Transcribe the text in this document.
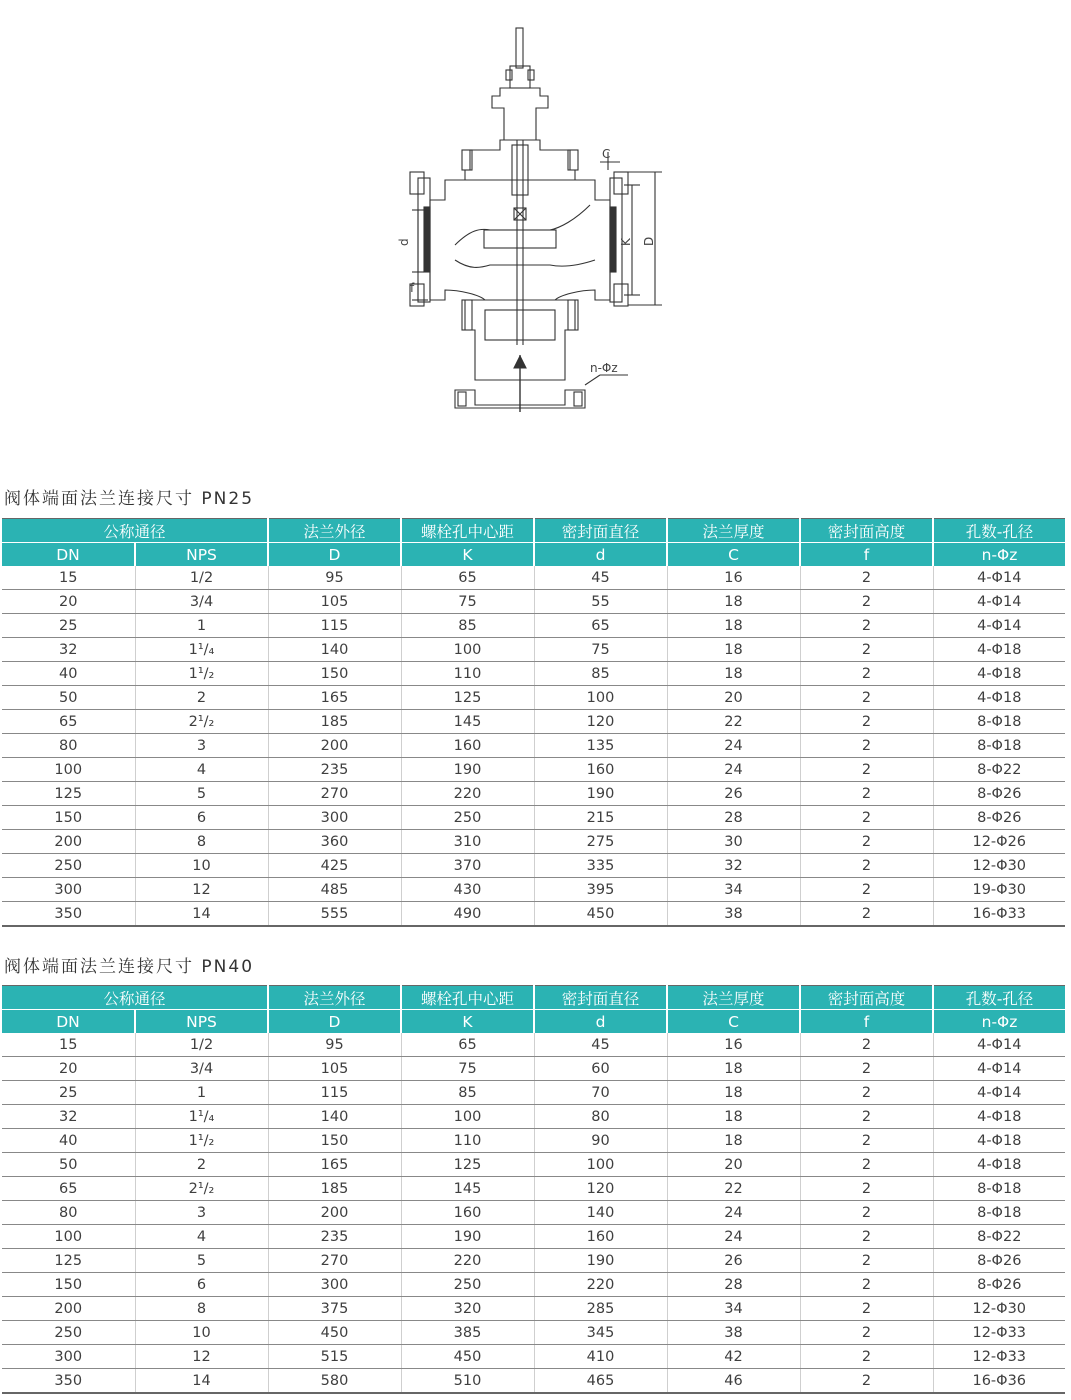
C
d	K D
f
n-Φz
阀体端面法兰连接尺寸 PN25
公称通径		法兰外径	螺栓孔中心距	密封面直径	法兰厚度	密封面高度	孔数-孔径
DN	NPS	D	K	d	C	f	n-Φz
15	1/2	95	65	45	16	2	4-Φ14
20	3/4	105	75	55	18	2	4-Φ14
25	1	115	85	65	18	2	4-Φ14
32	1¹/₄	140	100	75	18	2	4-Φ18
40	1¹/₂	150	110	85	18	2	4-Φ18
50	2	165	125	100	20	2	4-Φ18
65	2¹/₂	185	145	120	22	2	8-Φ18
80	3	200	160	135	24	2	8-Φ18
100	4	235	190	160	24	2	8-Φ22
125	5	270	220	190	26	2	8-Φ26
150	6	300	250	215	28	2	8-Φ26
200	8	360	310	275	30	2	12-Φ26
250	10	425	370	335	32	2	12-Φ30
300	12	485	430	395	34	2	19-Φ30
350	14	555	490	450	38	2	16-Φ33
阀体端面法兰连接尺寸 PN40
公称通径		法兰外径	螺栓孔中心距	密封面直径	法兰厚度	密封面高度	孔数-孔径
DN	NPS	D	K	d	C	f	n-Φz
15	1/2	95	65	45	16	2	4-Φ14
20	3/4	105	75	60	18	2	4-Φ14
25	1	115	85	70	18	2	4-Φ14
32	1¹/₄	140	100	80	18	2	4-Φ18
40	1¹/₂	150	110	90	18	2	4-Φ18
50	2	165	125	100	20	2	4-Φ18
65	2¹/₂	185	145	120	22	2	8-Φ18
80	3	200	160	140	24	2	8-Φ18
100	4	235	190	160	24	2	8-Φ22
125	5	270	220	190	26	2	8-Φ26
150	6	300	250	220	28	2	8-Φ26
200	8	375	320	285	34	2	12-Φ30
250	10	450	385	345	38	2	12-Φ33
300	12	515	450	410	42	2	12-Φ33
350	14	580	510	465	46	2	16-Φ36
